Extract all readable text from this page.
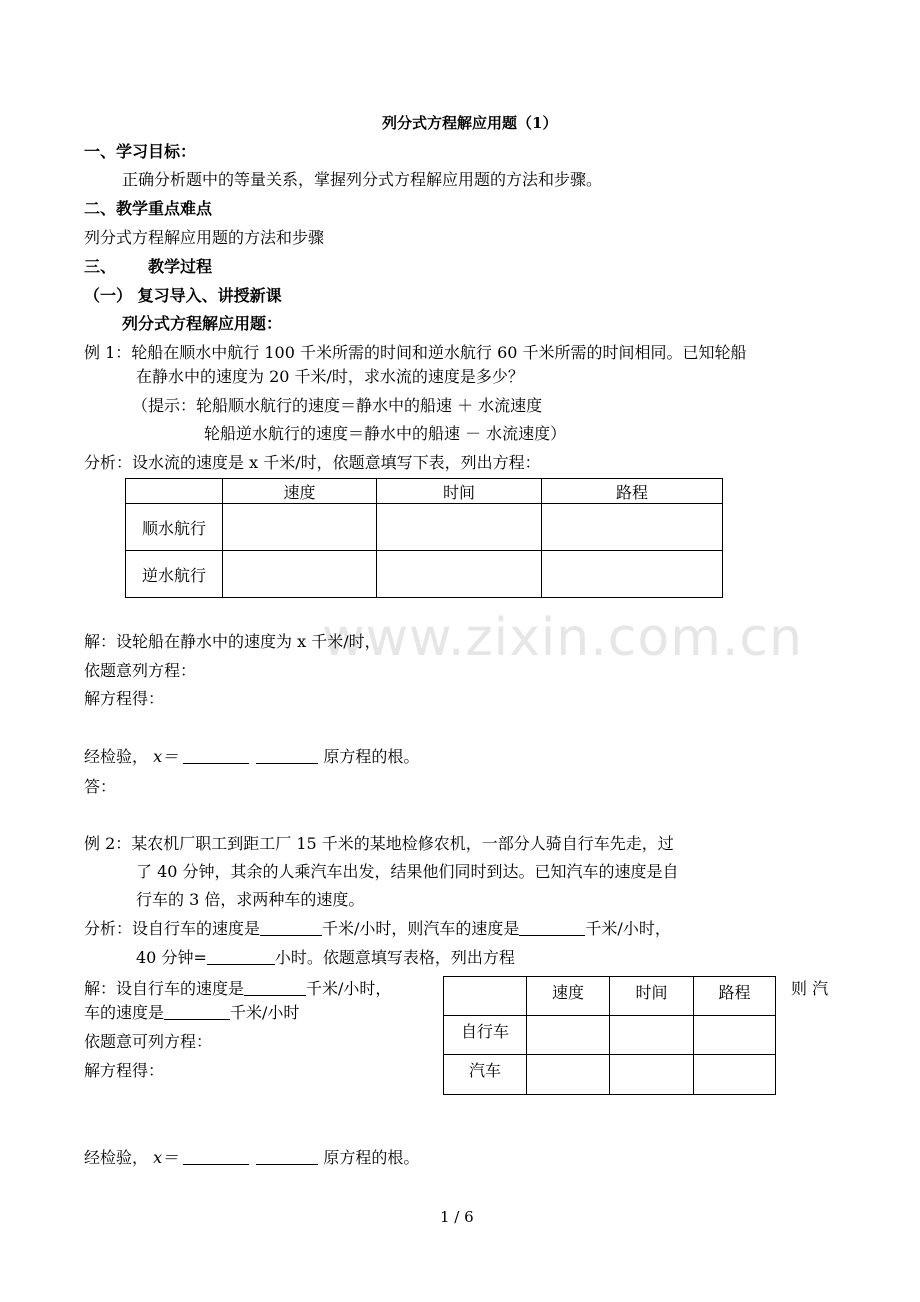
www.zixin.com.cn
列分式方程解应用题（1）
一、学习目标：
正确分析题中的等量关系，掌握列分式方程解应用题的方法和步骤。
二、教学重点难点
列分式方程解应用题的方法和步骤
三、 教学过程
（一） 复习导入、讲授新课
列分式方程解应用题：
例 1：轮船在顺水中航行 100 千米所需的时间和逆水航行 60 千米所需的时间相同。已知轮船
在静水中的速度为 20 千米/时，求水流的速度是多少？
（提示：轮船顺水航行的速度＝静水中的船速 ＋ 水流速度
轮船逆水航行的速度＝静水中的船速 － 水流速度）
分析：设水流的速度是 x 千米/时，依题意填写下表，列出方程：
	速度	时间	路程
顺水航行			
逆水航行			
解：设轮船在静水中的速度为 x 千米/时，
依题意列方程：
解方程得：
经检验， x＝	原方程的根。
答：
例 2：某农机厂职工到距工厂 15 千米的某地检修农机，一部分人骑自行车先走，过
了 40 分钟，其余的人乘汽车出发，结果他们同时到达。已知汽车的速度是自
行车的 3 倍，求两种车的速度。
分析：设自行车的速度是	千米/小时，则汽车的速度是	千米/小时，
40 分钟=	小时。依题意填写表格，列出方程
解：设自行车的速度是	千米/小时，	则 汽
车的速度是	千米/小时
依题意可列方程：
解方程得：
	速度	时间	路程
自行车			
汽车			
经检验， x＝	原方程的根。
1 / 6
